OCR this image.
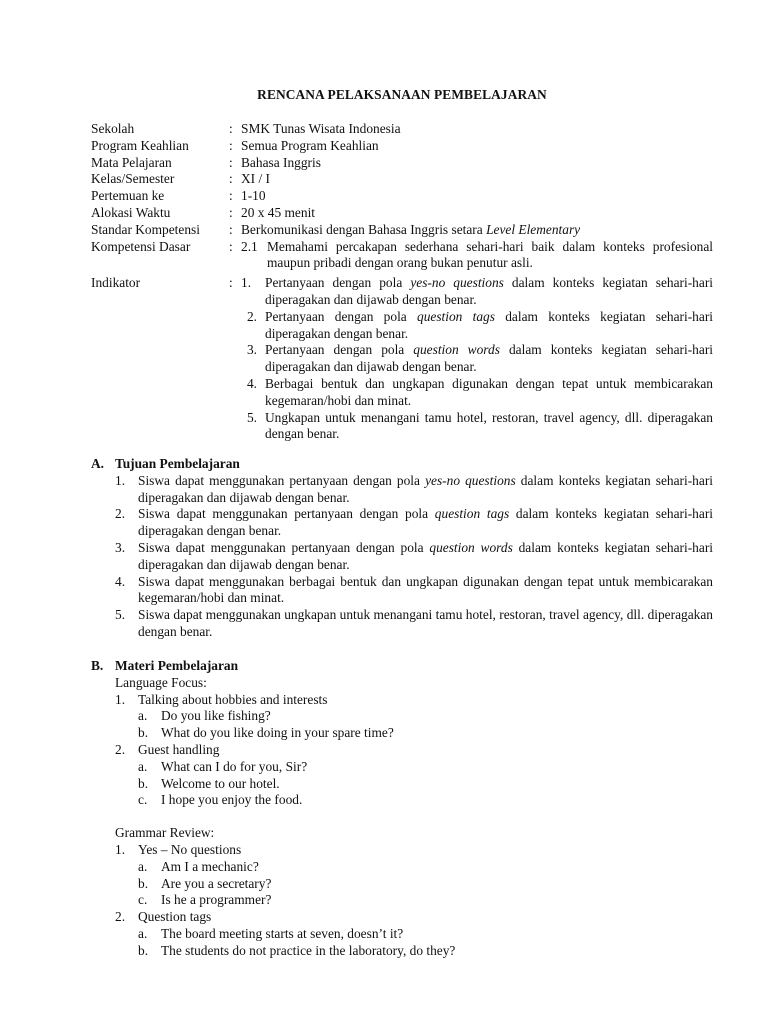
RENCANA PELAKSANAAN PEMBELAJARAN
Sekolah	: SMK Tunas Wisata Indonesia
Program Keahlian	: Semua Program Keahlian
Mata Pelajaran	: Bahasa Inggris
Kelas/Semester	: XI / I
Pertemuan ke	: 1-10
Alokasi Waktu	: 20 x 45 menit
Standar Kompetensi	: Berkomunikasi dengan Bahasa Inggris setara Level Elementary
Kompetensi Dasar	: 2.1 Memahami percakapan sederhana sehari-hari baik dalam konteks profesional maupun pribadi dengan orang bukan penutur asli.
Indikator	: 1.	Pertanyaan dengan pola yes-no questions dalam konteks kegiatan sehari-hari diperagakan dan dijawab dengan benar.
2. Pertanyaan dengan pola question tags dalam konteks kegiatan sehari-hari diperagakan dengan benar.
3. Pertanyaan dengan pola question words dalam konteks kegiatan sehari-hari diperagakan dan dijawab dengan benar.
4. Berbagai bentuk dan ungkapan digunakan dengan tepat untuk membicarakan kegemaran/hobi dan minat.
5. Ungkapan untuk menangani tamu hotel, restoran, travel agency, dll. diperagakan dengan benar.
A. Tujuan Pembelajaran
1. Siswa dapat menggunakan pertanyaan dengan pola yes-no questions dalam konteks kegiatan sehari-hari diperagakan dan dijawab dengan benar.
2. Siswa dapat menggunakan pertanyaan dengan pola question tags dalam konteks kegiatan sehari-hari diperagakan dengan benar.
3. Siswa dapat menggunakan pertanyaan dengan pola question words dalam konteks kegiatan sehari-hari diperagakan dan dijawab dengan benar.
4. Siswa dapat menggunakan berbagai bentuk dan ungkapan digunakan dengan tepat untuk membicarakan kegemaran/hobi dan minat.
5. Siswa dapat menggunakan ungkapan untuk menangani tamu hotel, restoran, travel agency, dll. diperagakan dengan benar.
B. Materi Pembelajaran
Language Focus:
1. Talking about hobbies and interests
a.	Do you like fishing?
b. What do you like doing in your spare time?
2. Guest handling
a.	What can I do for you, Sir?
b. Welcome to our hotel.
c.	I hope you enjoy the food.
Grammar Review:
1. Yes – No questions
a.	Am I a mechanic?
b. Are you a secretary?
c.	Is he a programmer?
2. Question tags
a.	The board meeting starts at seven, doesn’t it?
b. The students do not practice in the laboratory, do they?
